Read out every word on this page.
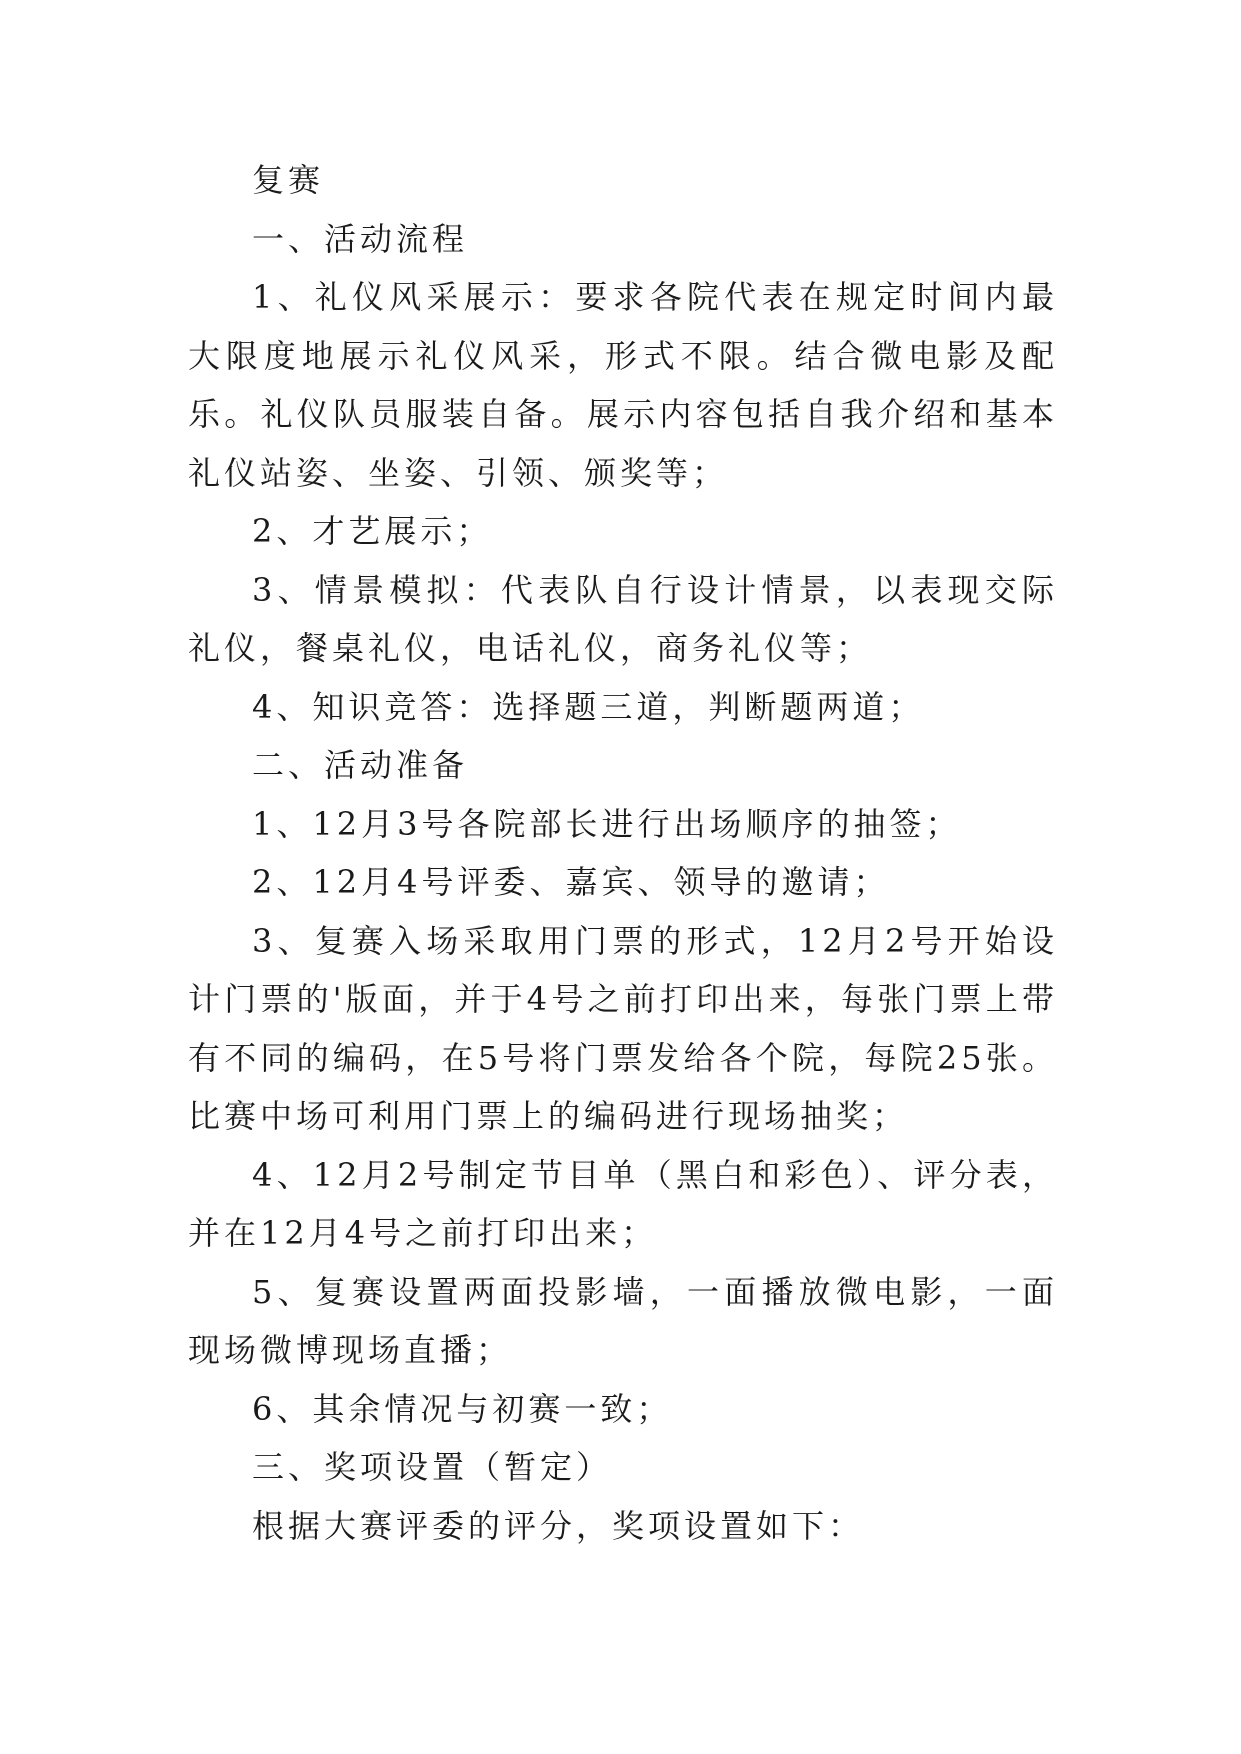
复赛

一、活动流程

1、礼仪风采展示：要求各院代表在规定时间内最大限度地展示礼仪风采，形式不限。结合微电影及配乐。礼仪队员服装自备。展示内容包括自我介绍和基本礼仪站姿、坐姿、引领、颁奖等；

2、才艺展示；

3、情景模拟：代表队自行设计情景，以表现交际礼仪，餐桌礼仪，电话礼仪，商务礼仪等；

4、知识竞答：选择题三道，判断题两道；

二、活动准备

1、12月3号各院部长进行出场顺序的抽签；

2、12月4号评委、嘉宾、领导的邀请；

3、复赛入场采取用门票的形式，12月2号开始设计门票的'版面，并于4号之前打印出来，每张门票上带有不同的编码，在5号将门票发给各个院，每院25张。比赛中场可利用门票上的编码进行现场抽奖；

4、12月2号制定节目单（黑白和彩色）、评分表，并在12月4号之前打印出来；

5、复赛设置两面投影墙，一面播放微电影，一面现场微博现场直播；

6、其余情况与初赛一致；

三、奖项设置（暂定）

根据大赛评委的评分，奖项设置如下：
